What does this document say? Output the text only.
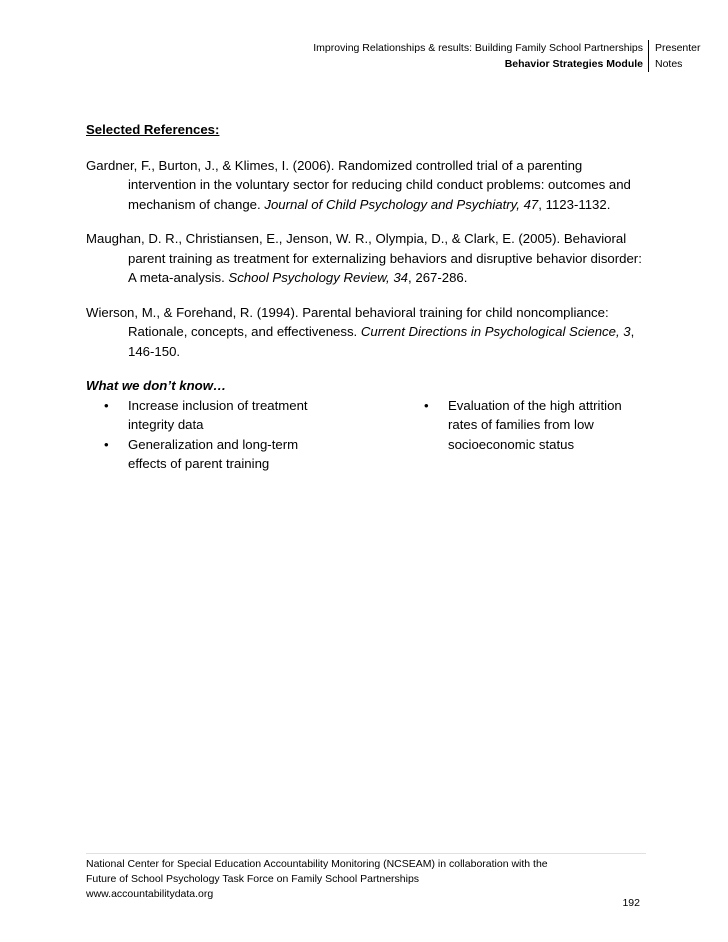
Improving Relationships & results: Building Family School Partnerships
Behavior Strategies Module
Presenter
Notes

Selected References:

Gardner, F., Burton, J., & Klimes, I. (2006). Randomized controlled trial of a parenting intervention in the voluntary sector for reducing child conduct problems: outcomes and mechanism of change. Journal of Child Psychology and Psychiatry, 47, 1123-1132.

Maughan, D. R., Christiansen, E., Jenson, W. R., Olympia, D., & Clark, E. (2005). Behavioral parent training as treatment for externalizing behaviors and disruptive behavior disorder: A meta-analysis. School Psychology Review, 34, 267-286.

Wierson, M., & Forehand, R. (1994). Parental behavioral training for child noncompliance: Rationale, concepts, and effectiveness. Current Directions in Psychological Science, 3, 146-150.

What we don’t know…

• Increase inclusion of treatment integrity data
• Generalization and long-term effects of parent training
• Evaluation of the high attrition rates of families from low socioeconomic status
National Center for Special Education Accountability Monitoring (NCSEAM) in collaboration with the
Future of School Psychology Task Force on Family School Partnerships
www.accountabilitydata.org
192
